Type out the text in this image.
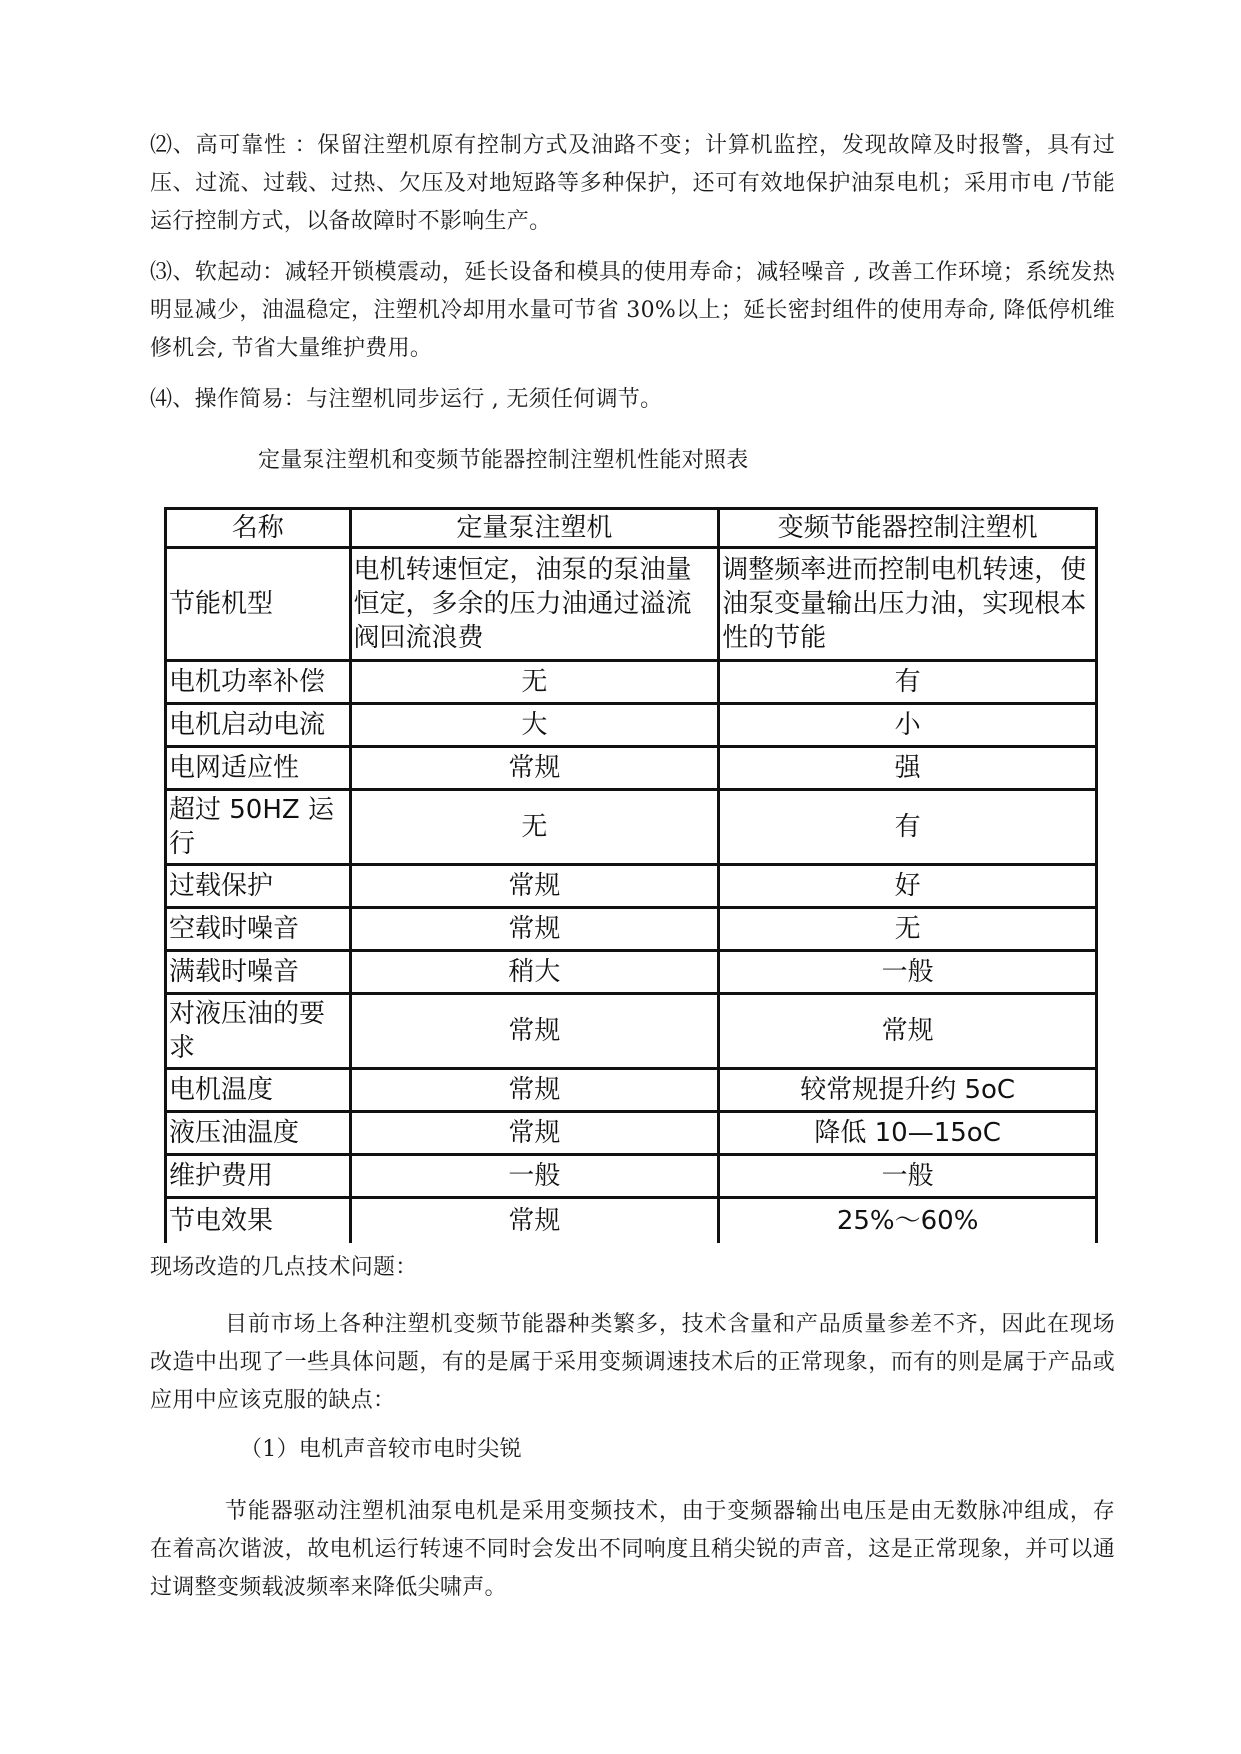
⑵、高可靠性 ：保留注塑机原有控制方式及油路不变；计算机监控，发现故障及时报警，具有过压、过流、过载、过热、欠压及对地短路等多种保护，还可有效地保护油泵电机；采用市电 /节能运行控制方式，以备故障时不影响生产。

⑶、软起动：减轻开锁模震动，延长设备和模具的使用寿命；减轻噪音 , 改善工作环境；系统发热明显减少，油温稳定，注塑机冷却用水量可节省 30%以上；延长密封组件的使用寿命, 降低停机维修机会, 节省大量维护费用。

⑷、操作简易：与注塑机同步运行 , 无须任何调节。

定量泵注塑机和变频节能器控制注塑机性能对照表

名称	定量泵注塑机	变频节能器控制注塑机
节能机型	电机转速恒定，油泵的泵油量恒定，多余的压力油通过溢流阀回流浪费	调整频率进而控制电机转速，使油泵变量输出压力油，实现根本性的节能
电机功率补偿	无	有
电机启动电流	大	小
电网适应性	常规	强
超过 50HZ 运行	无	有
过载保护	常规	好
空载时噪音	常规	无
满载时噪音	稍大	一般
对液压油的要求	常规	常规
电机温度	常规	较常规提升约 5oC
液压油温度	常规	降低 10—15oC
维护费用	一般	一般
节电效果	常规	25%～60%

现场改造的几点技术问题：

目前市场上各种注塑机变频节能器种类繁多，技术含量和产品质量参差不齐，因此在现场改造中出现了一些具体问题，有的是属于采用变频调速技术后的正常现象，而有的则是属于产品或应用中应该克服的缺点：

（1）电机声音较市电时尖锐

节能器驱动注塑机油泵电机是采用变频技术，由于变频器输出电压是由无数脉冲组成，存在着高次谐波，故电机运行转速不同时会发出不同响度且稍尖锐的声音，这是正常现象，并可以通过调整变频载波频率来降低尖啸声。
